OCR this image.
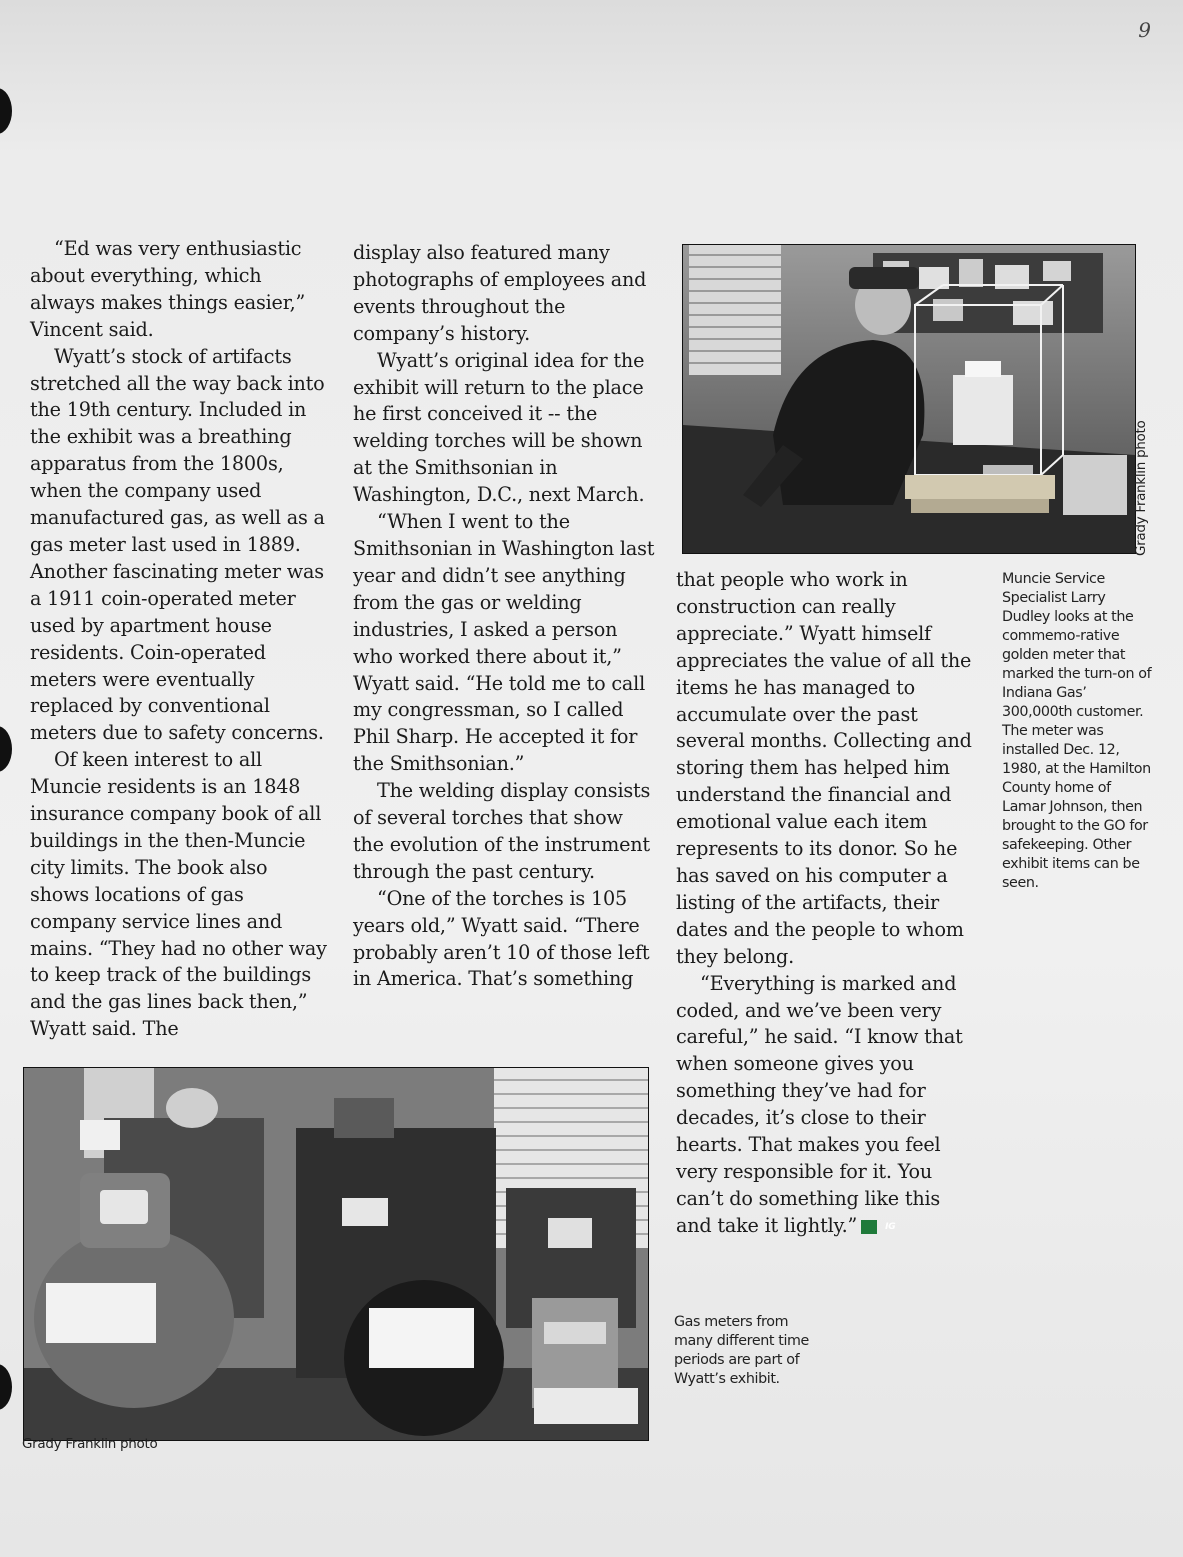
9

“Ed was very enthusiastic about everything, which always makes things easier,” Vincent said.

Wyatt’s stock of artifacts stretched all the way back into the 19th century. Included in the exhibit was a breathing apparatus from the 1800s, when the company used manufactured gas, as well as a gas meter last used in 1889. Another fascinating meter was a 1911 coin-operated meter used by apartment house residents. Coin-operated meters were eventually replaced by conventional meters due to safety concerns.

Of keen interest to all Muncie residents is an 1848 insurance company book of all buildings in the then-Muncie city limits. The book also shows locations of gas company service lines and mains. “They had no other way to keep track of the buildings and the gas lines back then,” Wyatt said. The

display also featured many photographs of employees and events throughout the company’s history.

Wyatt’s original idea for the exhibit will return to the place he first conceived it -- the welding torches will be shown at the Smithsonian in Washington, D.C., next March.

“When I went to the Smithsonian in Washington last year and didn’t see anything from the gas or welding industries, I asked a person who worked there about it,” Wyatt said. “He told me to call my congressman, so I called Phil Sharp. He accepted it for the Smithsonian.”

The welding display consists of several torches that show the evolution of the instrument through the past century.

“One of the torches is 105 years old,” Wyatt said. “There probably aren’t 10 of those left in America. That’s something

that people who work in construction can really appreciate.” Wyatt himself appreciates the value of all the items he has managed to accumulate over the past several months. Collecting and storing them has helped him understand the financial and emotional value each item represents to its donor. So he has saved on his computer a listing of the artifacts, their dates and the people to whom they belong.

“Everything is marked and coded, and we’ve been very careful,” he said. “I know that when someone gives you something they’ve had for decades, it’s close to their hearts. That makes you feel very responsible for it. You can’t do something like this and take it lightly.”	IG

Grady Franklin photo
Muncie Service Specialist Larry Dudley looks at the commemo-rative golden meter that marked the turn-on of Indiana Gas’ 300,000th customer. The meter was installed Dec. 12, 1980, at the Hamilton County home of Lamar Johnson, then brought to the GO for safekeeping. Other exhibit items can be seen.
Grady Franklin photo
Gas meters from many different time periods are part of Wyatt’s exhibit.
